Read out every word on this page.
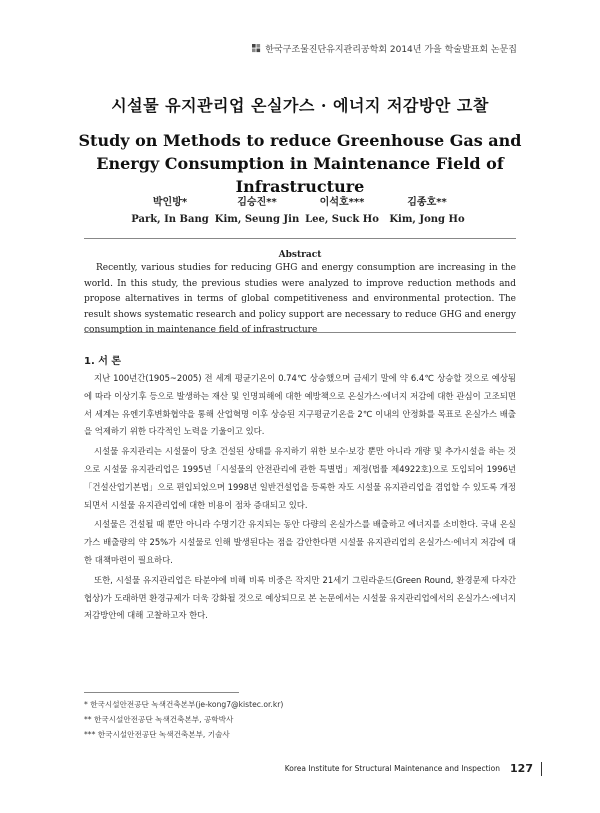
한국구조물진단유지관리공학회 2014년 가을 학술발표회 논문집
시설물 유지관리업 온실가스 · 에너지 저감방안 고찰
Study on Methods to reduce Greenhouse Gas and Energy Consumption in Maintenance Field of Infrastructure
박인방*
Park, In Bang
김승진**
Kim, Seung Jin
이석호***
Lee, Suck Ho
김종호**
Kim, Jong Ho
Abstract
Recently, various studies for reducing GHG and energy consumption are increasing in the world. In this study, the previous studies were analyzed to improve reduction methods and propose alternatives in terms of global competitiveness and environmental protection. The result shows systematic research and policy support are necessary to reduce GHG and energy consumption in maintenance field of infrastructure
1. 서 론

지난 100년간(1905~2005) 전 세계 평균기온이 0.74℃ 상승했으며 금세기 말에 약 6.4℃ 상승할 것으로 예상됨에 따라 이상기후 등으로 발생하는 재산 및 인명피해에 대한 예방책으로 온실가스·에너지 저감에 대한 관심이 고조되면서 세계는 유엔기후변화협약을 통해 산업혁명 이후 상승된 지구평균기온을 2℃ 이내의 안정화를 목표로 온실가스 배출을 억제하기 위한 다각적인 노력을 기울이고 있다.

시설물 유지관리는 시설물이 당초 건설된 상태를 유지하기 위한 보수·보강 뿐만 아니라 개량 및 추가시설을 하는 것으로 시설물 유지관리업은 1995년「시설물의 안전관리에 관한 특별법」제정(법률 제4922호)으로 도입되어 1996년「건설산업기본법」으로 편입되었으며 1998년 일반건설업을 등록한 자도 시설물 유지관리업을 겸업할 수 있도록 개정되면서 시설물 유지관리업에 대한 비용이 점차 증대되고 있다.

시설물은 건설될 때 뿐만 아니라 수명기간 유지되는 동안 다량의 온실가스를 배출하고 에너지를 소비한다. 국내 온실가스 배출량의 약 25%가 시설물로 인해 발생된다는 점을 감안한다면 시설물 유지관리업의 온실가스·에너지 저감에 대한 대책마련이 필요하다.

또한, 시설물 유지관리업은 타분야에 비해 비록 비중은 작지만 21세기 그린라운드(Green Round, 환경문제 다자간협상)가 도래하면 환경규제가 더욱 강화될 것으로 예상되므로 본 논문에서는 시설물 유지관리업에서의 온실가스·에너지 저감방안에 대해 고찰하고자 한다.

* 한국시설안전공단 녹색건축본부(je-kong7@kistec.or.kr)
** 한국시설안전공단 녹색건축본부, 공학박사
*** 한국시설안전공단 녹색건축본부, 기술사
Korea Institute for Structural Maintenance and Inspection 127
